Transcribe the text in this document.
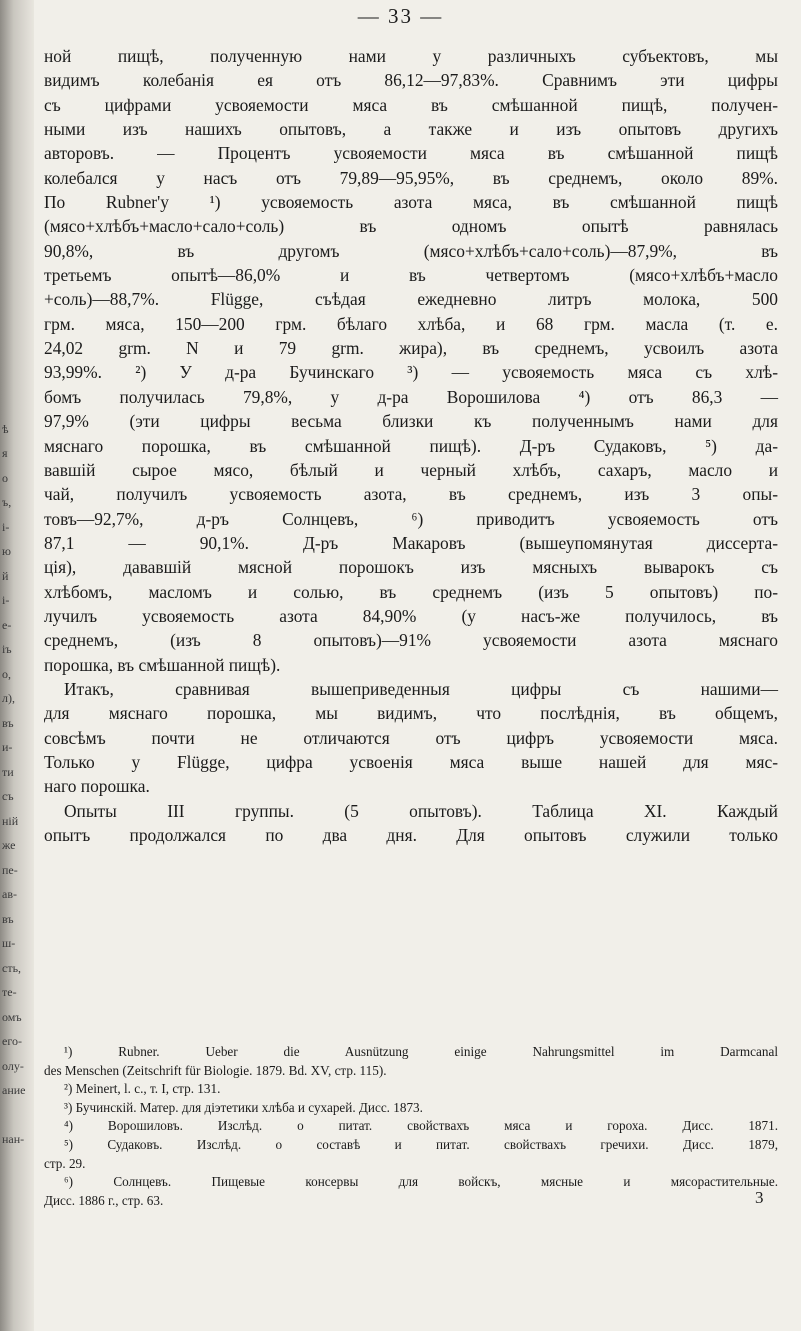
ѣ
я
о
ъ,
і-
ю
й
і-
е-
іъ
о,
л),
въ
и-
ти
съ
ній
же
пе-
ав-
въ
ш-
сть,
те-
омъ
его-
олу-
ание
нан-
— 33 —
ной пищѣ, полученную нами у различныхъ субъектовъ, мы
видимъ колебанія ея отъ 86,12—97,83%. Сравнимъ эти цифры
съ цифрами усвояемости мяса въ смѣшанной пищѣ, получен-
ными изъ нашихъ опытовъ, а также и изъ опытовъ другихъ
авторовъ. — Процентъ усвояемости мяса въ смѣшанной пищѣ
колебался у насъ отъ 79,89—95,95%, въ среднемъ, около 89%.
По Rubner'у ¹) усвояемость азота мяса, въ смѣшанной пищѣ
(мясо+хлѣбъ+масло+сало+соль) въ одномъ опытѣ равнялась
90,8%, въ другомъ (мясо+хлѣбъ+сало+соль)—87,9%, въ
третьемъ опытѣ—86,0% и въ четвертомъ (мясо+хлѣбъ+масло
+соль)—88,7%. Flügge, съѣдая ежедневно литръ молока, 500
грм. мяса, 150—200 грм. бѣлаго хлѣба, и 68 грм. масла (т. е.
24,02 grm. N и 79 grm. жира), въ среднемъ, усвоилъ азота
93,99%. ²) У д-ра Бучинскаго ³) — усвояемость мяса съ хлѣ-
бомъ получилась 79,8%, у д-ра Ворошилова ⁴) отъ 86,3 —
97,9% (эти цифры весьма близки къ полученнымъ нами для
мяснаго порошка, въ смѣшанной пищѣ). Д-ръ Судаковъ, ⁵) да-
вавшій сырое мясо, бѣлый и черный хлѣбъ, сахаръ, масло и
чай, получилъ усвояемость азота, въ среднемъ, изъ 3 опы-
товъ—92,7%, д-ръ Солнцевъ, ⁶) приводитъ усвояемость отъ
87,1 — 90,1%. Д-ръ Макаровъ (вышеупомянутая диссерта-
ція), дававшій мясной порошокъ изъ мясныхъ выварокъ съ
хлѣбомъ, масломъ и солью, въ среднемъ (изъ 5 опытовъ) по-
лучилъ усвояемость азота 84,90% (у насъ-же получилось, въ
среднемъ, (изъ 8 опытовъ)—91% усвояемости азота мяснаго
порошка, въ смѣшанной пищѣ).
Итакъ, сравнивая вышеприведенныя цифры съ нашими—
для мяснаго порошка, мы видимъ, что послѣднія, въ общемъ,
совсѣмъ почти не отличаются отъ цифръ усвояемости мяса.
Только у Flügge, цифра усвоенія мяса выше нашей для мяс-
наго порошка.
Опыты III группы. (5 опытовъ). Таблица XI. Каждый
опытъ продолжался по два дня. Для опытовъ служили только
¹) Rubner. Ueber die Ausnützung einige Nahrungsmittel im Darmcanal
des Menschen (Zeitschrift für Biologie. 1879. Bd. XV, стр. 115).
²) Meinert, l. c., т. I, стр. 131.
³) Бучинскій. Матер. для діэтетики хлѣба и сухарей. Дисс. 1873.
⁴) Ворошиловъ. Изслѣд. о питат. свойствахъ мяса и гороха. Дисс. 1871.
⁵) Судаковъ. Изслѣд. о составѣ и питат. свойствахъ гречихи. Дисс. 1879,
стр. 29.
⁶) Солнцевъ. Пищевые консервы для войскъ, мясные и мясорастительные.
Дисс. 1886 г., стр. 63.	3
